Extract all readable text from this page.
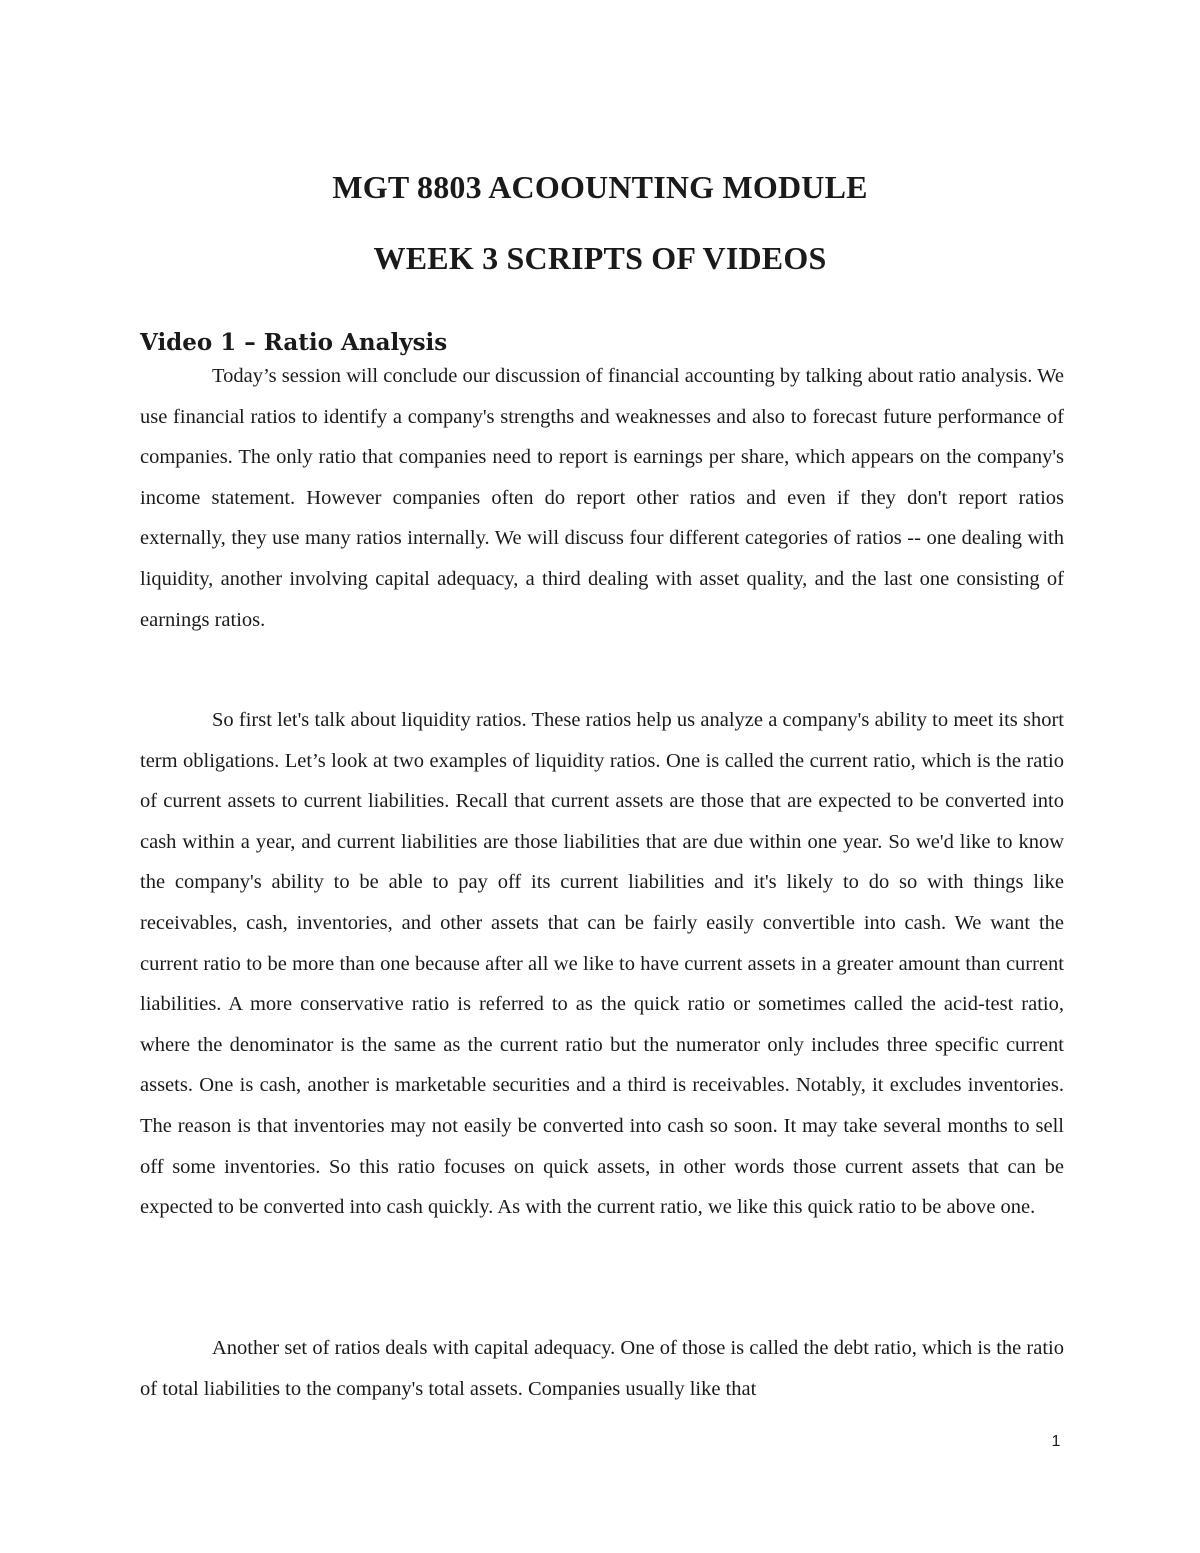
MGT 8803 ACOOUNTING MODULE
WEEK 3 SCRIPTS OF VIDEOS
Video 1 – Ratio Analysis

Today’s session will conclude our discussion of financial accounting by talking about ratio analysis. We use financial ratios to identify a company's strengths and weaknesses and also to forecast future performance of companies. The only ratio that companies need to report is earnings per share, which appears on the company's income statement. However companies often do report other ratios and even if they don't report ratios externally, they use many ratios internally. We will discuss four different categories of ratios -- one dealing with liquidity, another involving capital adequacy, a third dealing with asset quality, and the last one consisting of earnings ratios.

So first let's talk about liquidity ratios. These ratios help us analyze a company's ability to meet its short term obligations. Let’s look at two examples of liquidity ratios. One is called the current ratio, which is the ratio of current assets to current liabilities. Recall that current assets are those that are expected to be converted into cash within a year, and current liabilities are those liabilities that are due within one year. So we'd like to know the company's ability to be able to pay off its current liabilities and it's likely to do so with things like receivables, cash, inventories, and other assets that can be fairly easily convertible into cash. We want the current ratio to be more than one because after all we like to have current assets in a greater amount than current liabilities. A more conservative ratio is referred to as the quick ratio or sometimes called the acid-test ratio, where the denominator is the same as the current ratio but the numerator only includes three specific current assets. One is cash, another is marketable securities and a third is receivables. Notably, it excludes inventories. The reason is that inventories may not easily be converted into cash so soon. It may take several months to sell off some inventories. So this ratio focuses on quick assets, in other words those current assets that can be expected to be converted into cash quickly. As with the current ratio, we like this quick ratio to be above one.

Another set of ratios deals with capital adequacy. One of those is called the debt ratio, which is the ratio of total liabilities to the company's total assets. Companies usually like that

1
